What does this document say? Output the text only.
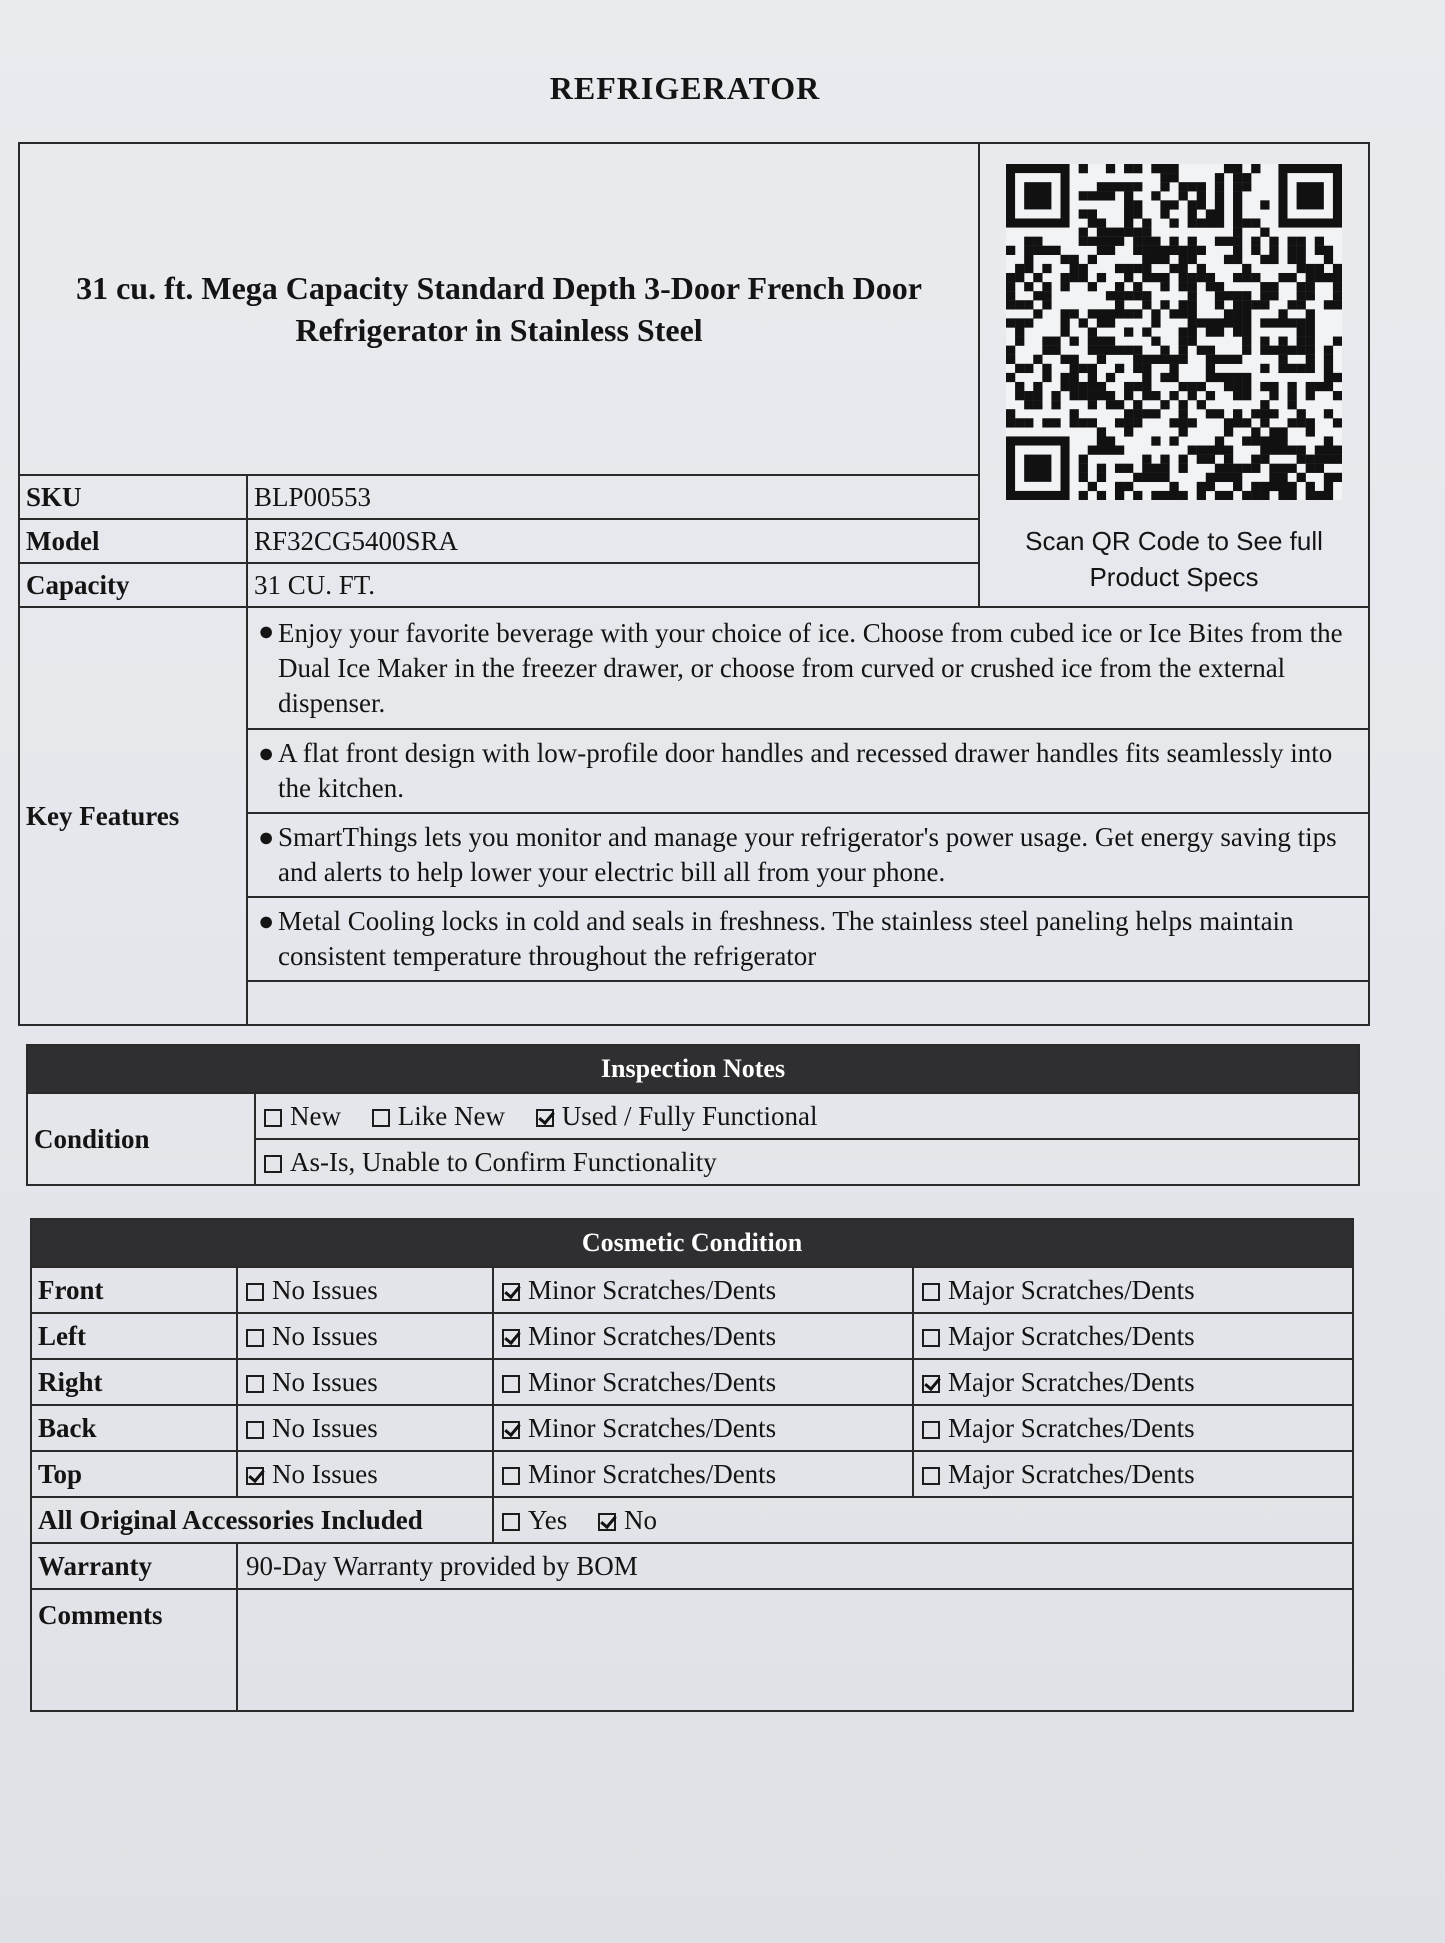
REFRIGERATOR
31 cu. ft. Mega Capacity Standard Depth 3-Door French Door Refrigerator in Stainless Steel		Scan QR Code to See full Product Specs

SKU	BLP00553	
Model	RF32CG5400SRA	
Capacity	31 CU. FT.	
Key Features	● Enjoy your favorite beverage with your choice of ice. Choose from cubed ice or Ice Bites from the Dual Ice Maker in the freezer drawer, or choose from curved or crushed ice from the external dispenser.	

	● A flat front design with low-profile door handles and recessed drawer handles fits seamlessly into the kitchen.	

	● SmartThings lets you monitor and manage your refrigerator's power usage. Get energy saving tips and alerts to help lower your electric bill all from your phone.	

	● Metal Cooling locks in cold and seals in freshness. The stainless steel paneling helps maintain consistent temperature throughout the refrigerator	

Inspection Notes
Condition	New Like New Used / Fully Functional
As-Is, Unable to Confirm Functionality
Cosmetic Condition			
Front	No Issues	Minor Scratches/Dents	Major Scratches/Dents
Left	No Issues	Minor Scratches/Dents	Major Scratches/Dents
Right	No Issues	Minor Scratches/Dents	Major Scratches/Dents
Back	No Issues	Minor Scratches/Dents	Major Scratches/Dents
Top	No Issues	Minor Scratches/Dents	Major Scratches/Dents
All Original Accessories Included		Yes No	
Warranty	90-Day Warranty provided by BOM		
Comments			
